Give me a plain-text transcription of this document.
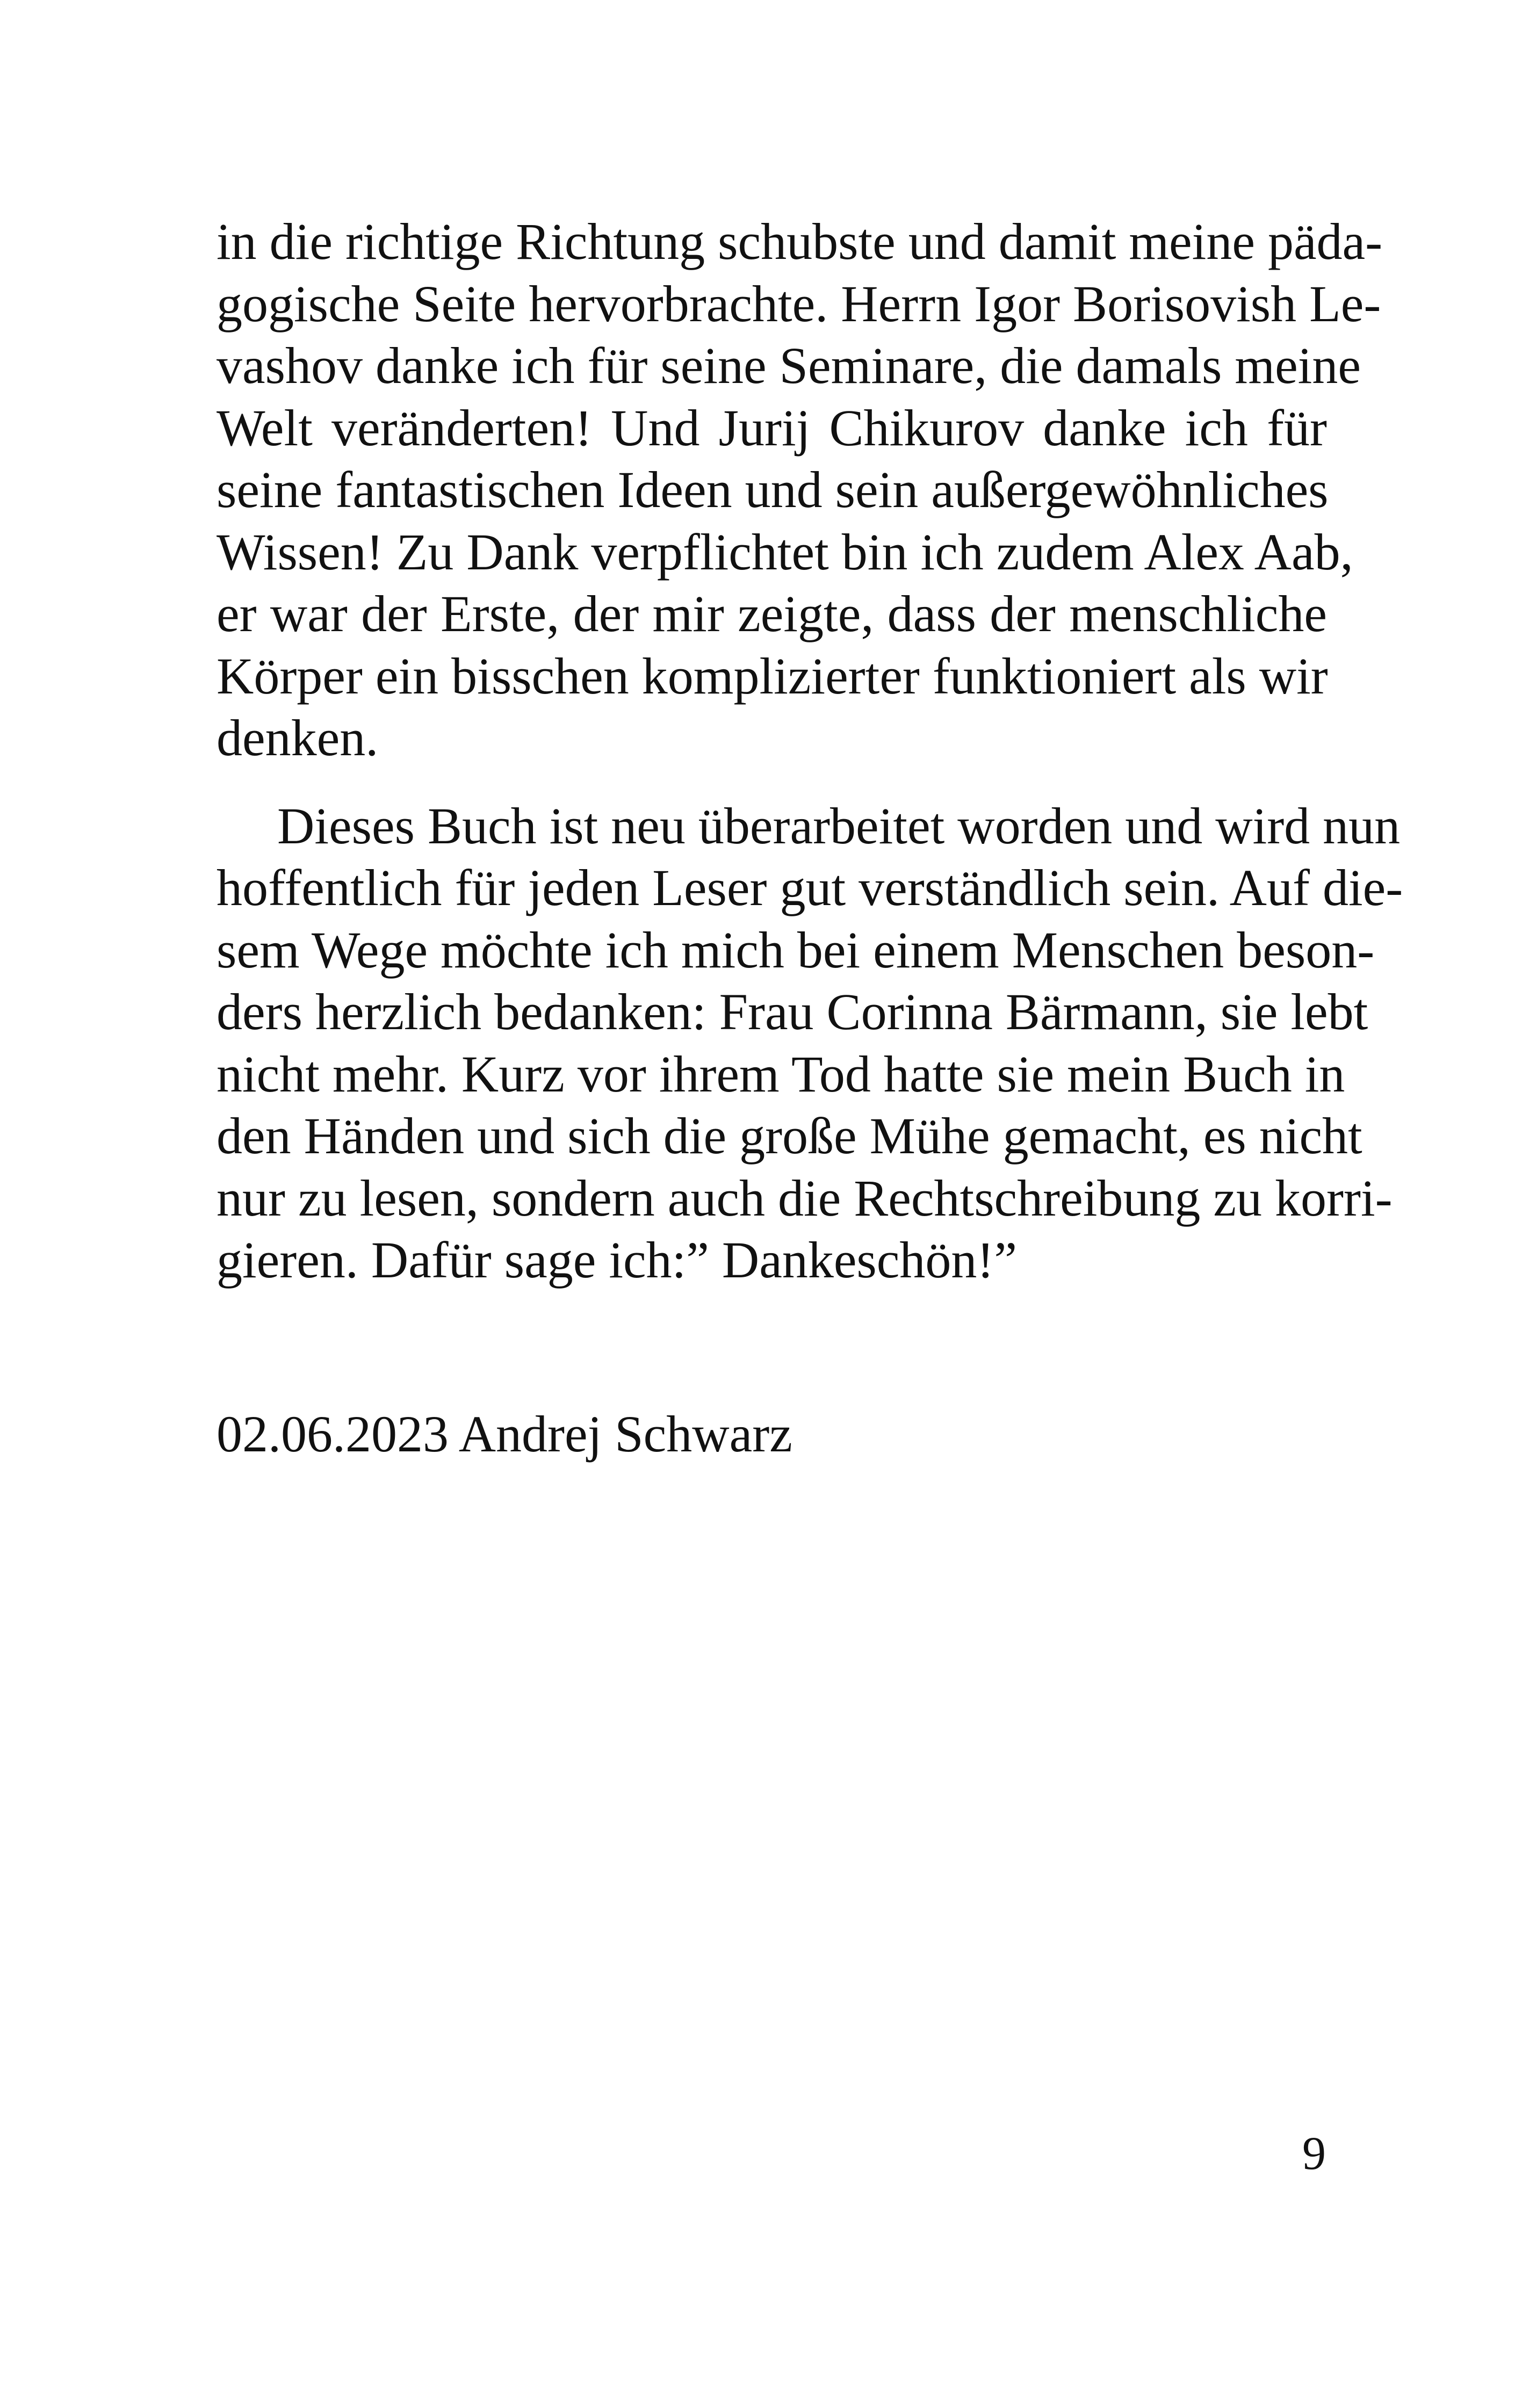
in die richtige Richtung schubste und damit meine päda-
gogische Seite hervorbrachte. Herrn Igor Borisovish Le-
vashov danke ich für seine Seminare, die damals meine
Welt veränderten! Und Jurij Chikurov danke ich für
seine fantastischen Ideen und sein außergewöhnliches
Wissen! Zu Dank verpflichtet bin ich zudem Alex Aab,
er war der Erste, der mir zeigte, dass der menschliche
Körper ein bisschen komplizierter funktioniert als wir
denken.
Dieses Buch ist neu überarbeitet worden und wird nun
hoffentlich für jeden Leser gut verständlich sein. Auf die-
sem Wege möchte ich mich bei einem Menschen beson-
ders herzlich bedanken: Frau Corinna Bärmann, sie lebt
nicht mehr. Kurz vor ihrem Tod hatte sie mein Buch in
den Händen und sich die große Mühe gemacht, es nicht
nur zu lesen, sondern auch die Rechtschreibung zu korri-
gieren. Dafür sage ich:” Dankeschön!”
02.06.2023 Andrej Schwarz
9
